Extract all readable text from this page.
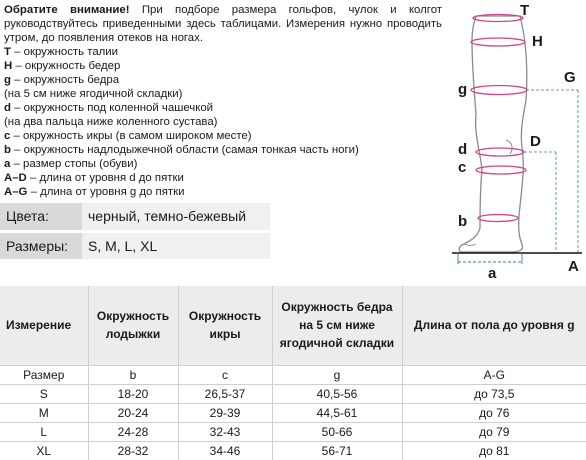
Обратите внимание! При подборе размера гольфов, чулок и колгот руководствуйтесь приведенными здесь таблицами. Измерения нужно проводить утром, до появления отеков на ногах.

T – окружность талии
H – окружность бедер
g – окружность бедра
(на 5 см ниже ягодичной складки)
d – окружность под коленной чашечкой
(на два пальца ниже коленного сустава)
c – окружность икры (в самом широком месте)
b – окружность надлодыжечной области (самая тонкая часть ноги)
a – размер стопы (обуви)
A–D – длина от уровня d до пятки
A–G – длина от уровня g до пятки
Цвета:	черный, темно-бежевый
Размеры:	S, M, L, XL
T
H
G
g
D
d
c
b
a	A
Измерение	Окружность лодыжки	Окружность икры	Окружность бедра на 5 см ниже ягодичной складки	Длина от пола до уровня g
Размер	b	c	g	A-G
S	18-20	26,5-37	40,5-56	до 73,5
M	20-24	29-39	44,5-61	до 76
L	24-28	32-43	50-66	до 79
XL	28-32	34-46	56-71	до 81
